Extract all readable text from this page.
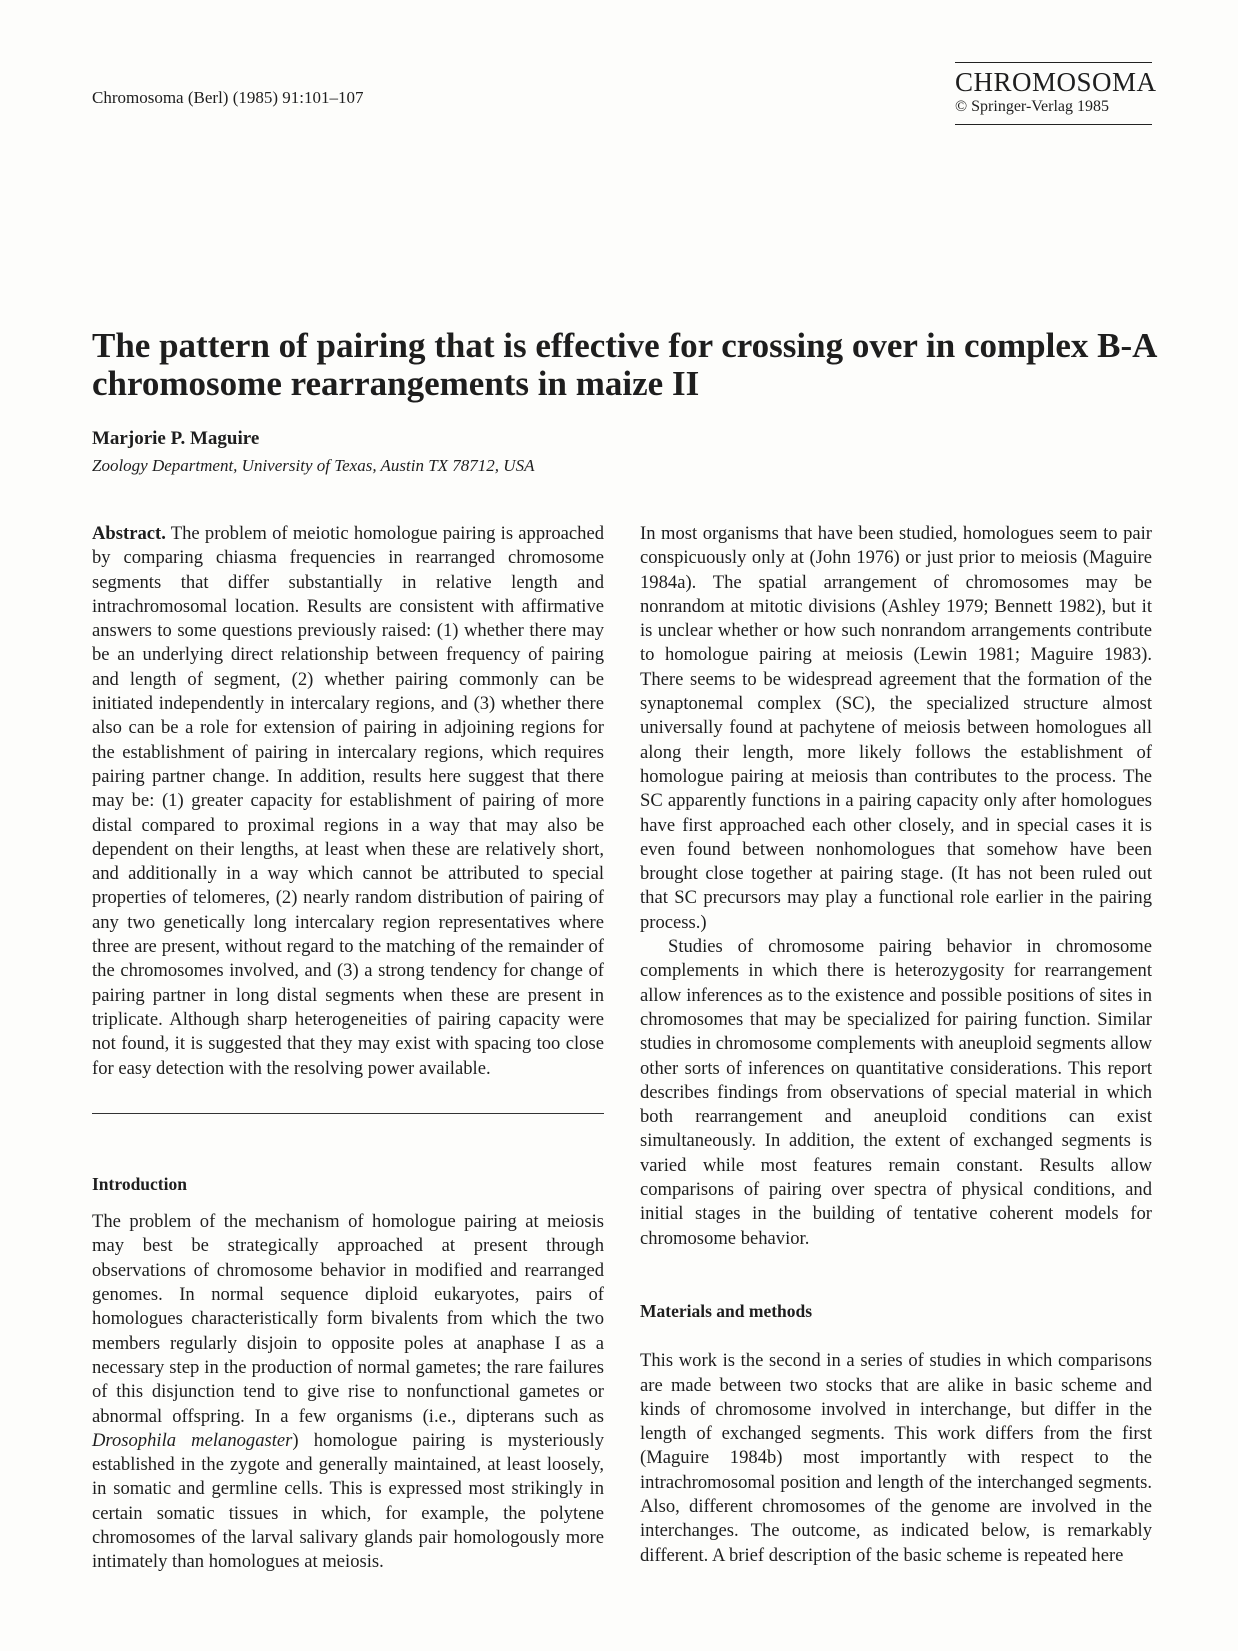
Chromosoma (Berl) (1985) 91:101–107
CHROMOSOMA
© Springer-Verlag 1985
The pattern of pairing that is effective for crossing over in complex B-A chromosome rearrangements in maize II
Marjorie P. Maguire
Zoology Department, University of Texas, Austin TX 78712, USA

Abstract. The problem of meiotic homologue pairing is approached by comparing chiasma frequencies in rearranged chromosome segments that differ substantially in relative length and intrachromosomal location. Results are consistent with affirmative answers to some questions previously raised: (1) whether there may be an underlying direct relationship between frequency of pairing and length of segment, (2) whether pairing commonly can be initiated independently in intercalary regions, and (3) whether there also can be a role for extension of pairing in adjoining regions for the establishment of pairing in intercalary regions, which requires pairing partner change. In addition, results here suggest that there may be: (1) greater capacity for establishment of pairing of more distal compared to proximal regions in a way that may also be dependent on their lengths, at least when these are relatively short, and additionally in a way which cannot be attributed to special properties of telomeres, (2) nearly random distribution of pairing of any two genetically long intercalary region representatives where three are present, without regard to the matching of the remainder of the chromosomes involved, and (3) a strong tendency for change of pairing partner in long distal segments when these are present in triplicate. Although sharp heterogeneities of pairing capacity were not found, it is suggested that they may exist with spacing too close for easy detection with the resolving power available.

Introduction

The problem of the mechanism of homologue pairing at meiosis may best be strategically approached at present through observations of chromosome behavior in modified and rearranged genomes. In normal sequence diploid eukaryotes, pairs of homologues characteristically form bivalents from which the two members regularly disjoin to opposite poles at anaphase I as a necessary step in the production of normal gametes; the rare failures of this disjunction tend to give rise to nonfunctional gametes or abnormal offspring. In a few organisms (i.e., dipterans such as Drosophila melanogaster) homologue pairing is mysteriously established in the zygote and generally maintained, at least loosely, in somatic and germline cells. This is expressed most strikingly in certain somatic tissues in which, for example, the polytene chromosomes of the larval salivary glands pair homologously more intimately than homologues at meiosis.

In most organisms that have been studied, homologues seem to pair conspicuously only at (John 1976) or just prior to meiosis (Maguire 1984a). The spatial arrangement of chromosomes may be nonrandom at mitotic divisions (Ashley 1979; Bennett 1982), but it is unclear whether or how such nonrandom arrangements contribute to homologue pairing at meiosis (Lewin 1981; Maguire 1983). There seems to be widespread agreement that the formation of the synaptonemal complex (SC), the specialized structure almost universally found at pachytene of meiosis between homologues all along their length, more likely follows the establishment of homologue pairing at meiosis than contributes to the process. The SC apparently functions in a pairing capacity only after homologues have first approached each other closely, and in special cases it is even found between nonhomologues that somehow have been brought close together at pairing stage. (It has not been ruled out that SC precursors may play a functional role earlier in the pairing process.)

Studies of chromosome pairing behavior in chromosome complements in which there is heterozygosity for rearrangement allow inferences as to the existence and possible positions of sites in chromosomes that may be specialized for pairing function. Similar studies in chromosome complements with aneuploid segments allow other sorts of inferences on quantitative considerations. This report describes findings from observations of special material in which both rearrangement and aneuploid conditions can exist simultaneously. In addition, the extent of exchanged segments is varied while most features remain constant. Results allow comparisons of pairing over spectra of physical conditions, and initial stages in the building of tentative coherent models for chromosome behavior.

Materials and methods

This work is the second in a series of studies in which comparisons are made between two stocks that are alike in basic scheme and kinds of chromosome involved in interchange, but differ in the length of exchanged segments. This work differs from the first (Maguire 1984b) most importantly with respect to the intrachromosomal position and length of the interchanged segments. Also, different chromosomes of the genome are involved in the interchanges. The outcome, as indicated below, is remarkably different. A brief description of the basic scheme is repeated here
